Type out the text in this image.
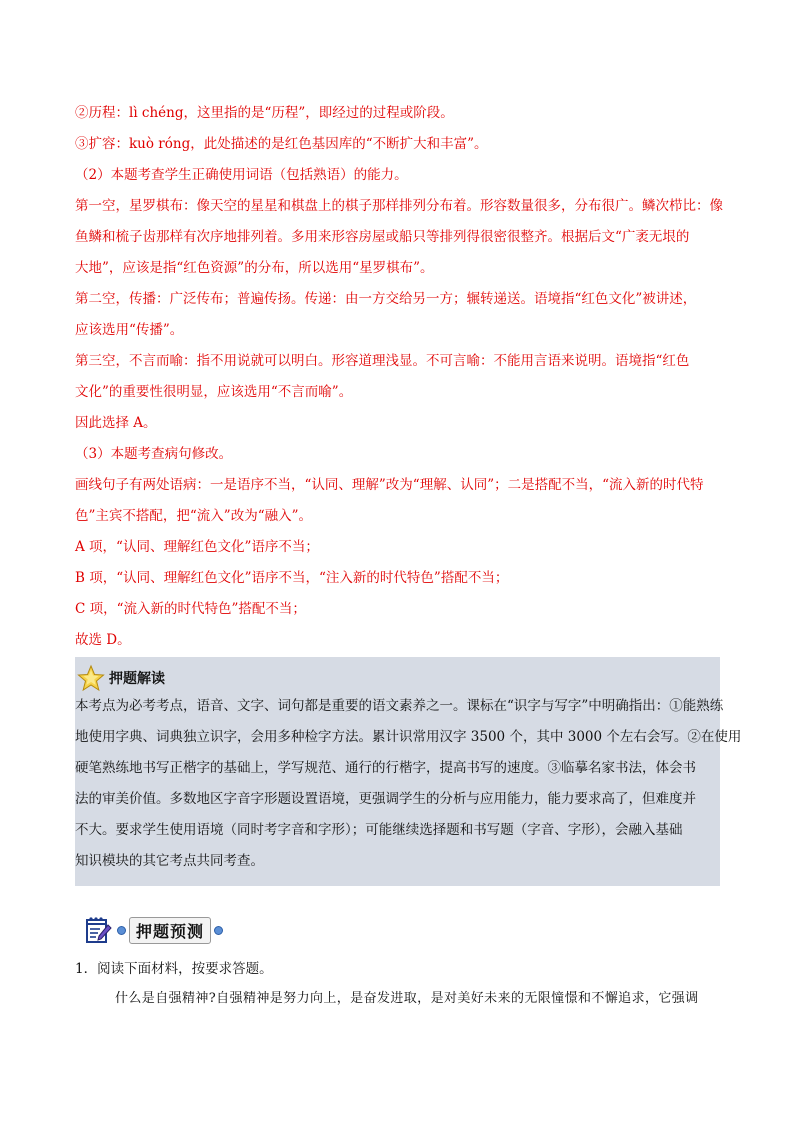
②历程：lì chéng，这里指的是“历程”，即经过的过程或阶段。
③扩容：kuò róng，此处描述的是红色基因库的“不断扩大和丰富”。
（2）本题考查学生正确使用词语（包括熟语）的能力。
第一空，星罗棋布：像天空的星星和棋盘上的棋子那样排列分布着。形容数量很多，分布很广。鳞次栉比：像
鱼鳞和梳子齿那样有次序地排列着。多用来形容房屋或船只等排列得很密很整齐。根据后文“广袤无垠的
大地”，应该是指“红色资源”的分布，所以选用“星罗棋布”。
第二空，传播：广泛传布；普遍传扬。传递：由一方交给另一方；辗转递送。语境指“红色文化”被讲述，
应该选用“传播”。
第三空，不言而喻：指不用说就可以明白。形容道理浅显。不可言喻：不能用言语来说明。语境指“红色
文化”的重要性很明显，应该选用“不言而喻”。
因此选择 A。
（3）本题考查病句修改。
画线句子有两处语病：一是语序不当，“认同、理解”改为“理解、认同”；二是搭配不当，“流入新的时代特
色”主宾不搭配，把“流入”改为“融入”。
A 项，“认同、理解红色文化”语序不当；
B 项，“认同、理解红色文化”语序不当，“注入新的时代特色”搭配不当；
C 项，“流入新的时代特色”搭配不当；
故选 D。
押题解读
本考点为必考考点，语音、文字、词句都是重要的语文素养之一。课标在“识字与写字”中明确指出：①能熟练
地使用字典、词典独立识字，会用多种检字方法。累计识常用汉字 3500 个，其中 3000 个左右会写。②在使用
硬笔熟练地书写正楷字的基础上，学写规范、通行的行楷字，提高书写的速度。③临摹名家书法，体会书
法的审美价值。多数地区字音字形题设置语境，更强调学生的分析与应用能力，能力要求高了，但难度并
不大。要求学生使用语境（同时考字音和字形）；可能继续选择题和书写题（字音、字形），会融入基础
知识模块的其它考点共同考查。
押题预测
1．阅读下面材料，按要求答题。
什么是自强精神?自强精神是努力向上，是奋发进取，是对美好未来的无限憧憬和不懈追求，它强调
